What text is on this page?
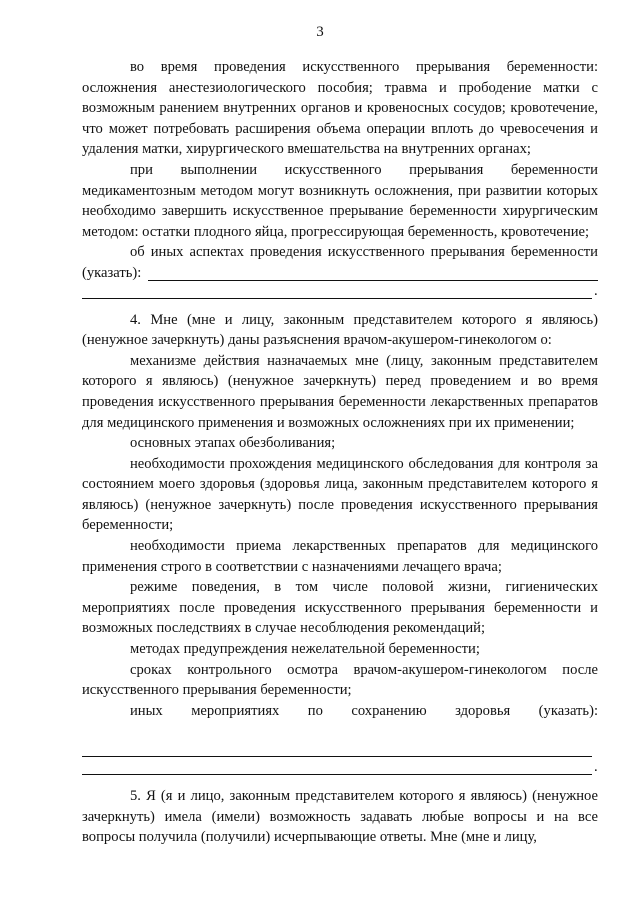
3

во время проведения искусственного прерывания беременности: осложнения анестезиологического пособия; травма и прободение матки с возможным ранением внутренних органов и кровеносных сосудов; кровотечение, что может потребовать расширения объема операции вплоть до чревосечения и удаления матки, хирургического вмешательства на внутренних органах;

при выполнении искусственного прерывания беременности медикаментозным методом могут возникнуть осложнения, при развитии которых необходимо завершить искусственное прерывание беременности хирургическим методом: остатки плодного яйца, прогрессирующая беременность, кровотечение;

об иных аспектах проведения искусственного прерывания беременности (указать):

.

4. Мне (мне и лицу, законным представителем которого я являюсь) (ненужное зачеркнуть) даны разъяснения врачом-акушером-гинекологом о:

механизме действия назначаемых мне (лицу, законным представителем которого я являюсь) (ненужное зачеркнуть) перед проведением и во время проведения искусственного прерывания беременности лекарственных препаратов для медицинского применения и возможных осложнениях при их применении;

основных этапах обезболивания;

необходимости прохождения медицинского обследования для контроля за состоянием моего здоровья (здоровья лица, законным представителем которого я являюсь) (ненужное зачеркнуть) после проведения искусственного прерывания беременности;

необходимости приема лекарственных препаратов для медицинского применения строго в соответствии с назначениями лечащего врача;

режиме поведения, в том числе половой жизни, гигиенических мероприятиях после проведения искусственного прерывания беременности и возможных последствиях в случае несоблюдения рекомендаций;

методах предупреждения нежелательной беременности;

сроках контрольного осмотра врачом-акушером-гинекологом после искусственного прерывания беременности;

иных мероприятиях по сохранению здоровья (указать):

.

5. Я (я и лицо, законным представителем которого я являюсь) (ненужное зачеркнуть) имела (имели) возможность задавать любые вопросы и на все вопросы получила (получили) исчерпывающие ответы. Мне (мне и лицу,
